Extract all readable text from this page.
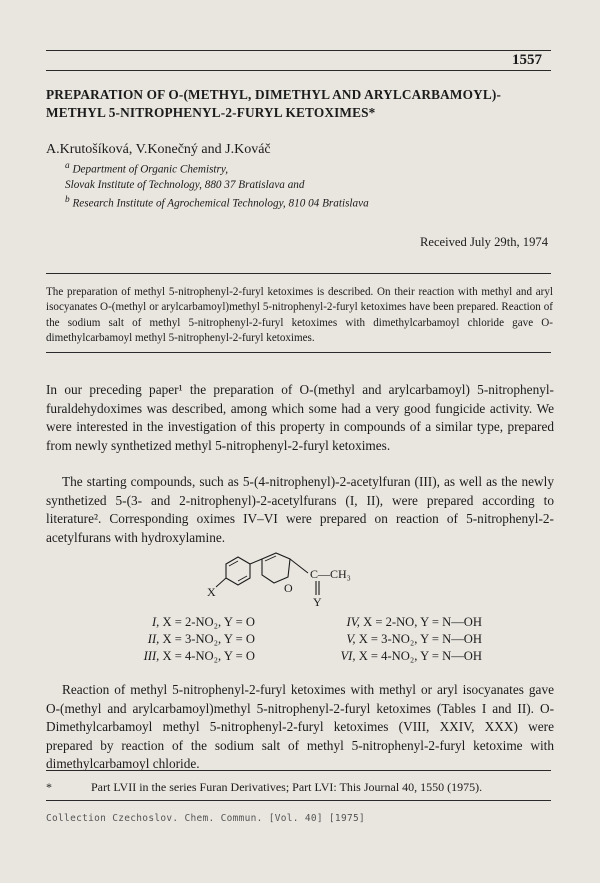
1557
PREPARATION OF O-(METHYL, DIMETHYL AND ARYLCARBAMOYL)-METHYL 5-NITROPHENYL-2-FURYL KETOXIMES*
A.Krutošíková, V.Konečný and J.Kováč
$^a$ Department of Organic Chemistry,
Slovak Institute of Technology, 880 37 Bratislava and
$^b$ Research Institute of Agrochemical Technology, 810 04 Bratislava
Received July 29th, 1974
The preparation of methyl 5-nitrophenyl-2-furyl ketoximes is described. On their reaction with methyl and aryl isocyanates O-(methyl or arylcarbamoyl)methyl 5-nitrophenyl-2-furyl ketoximes have been prepared. Reaction of the sodium salt of methyl 5-nitrophenyl-2-furyl ketoximes with dimethylcarbamoyl chloride gave O-dimethylcarbamoyl methyl 5-nitrophenyl-2-furyl ketoximes.
In our preceding paper¹ the preparation of O-(methyl and arylcarbamoyl) 5-nitrophenyl-furaldehydoximes was described, among which some had a very good fungicide activity. We were interested in the investigation of this property in compounds of a similar type, prepared from newly synthetized methyl 5-nitrophenyl-2-furyl ketoximes.
The starting compounds, such as 5-(4-nitrophenyl)-2-acetylfuran (III), as well as the newly synthetized 5-(3- and 2-nitrophenyl)-2-acetylfurans (I, II), were prepared according to literature². Corresponding oximes IV–VI were prepared on reaction of 5-nitrophenyl-2-acetylfurans with hydroxylamine.
X	O
C—CH₃
Y
I, X = 2-NO₂, Y = O
II, X = 3-NO₂, Y = O
III, X = 4-NO₂, Y = O
IV, X = 2-NO, Y = N—OH
V, X = 3-NO₂, Y = N—OH
VI, X = 4-NO₂, Y = N—OH
Reaction of methyl 5-nitrophenyl-2-furyl ketoximes with methyl or aryl isocyanates gave O-(methyl and arylcarbamoyl)methyl 5-nitrophenyl-2-furyl ketoximes (Tables I and II). O-Dimethylcarbamoyl methyl 5-nitrophenyl-2-furyl ketoximes (VIII, XXIV, XXX) were prepared by reaction of the sodium salt of methyl 5-nitrophenyl-2-furyl ketoxime with dimethylcarbamoyl chloride.
*	Part LVII in the series Furan Derivatives; Part LVI: This Journal 40, 1550 (1975).
Collection Czechoslov. Chem. Commun. [Vol. 40] [1975]
